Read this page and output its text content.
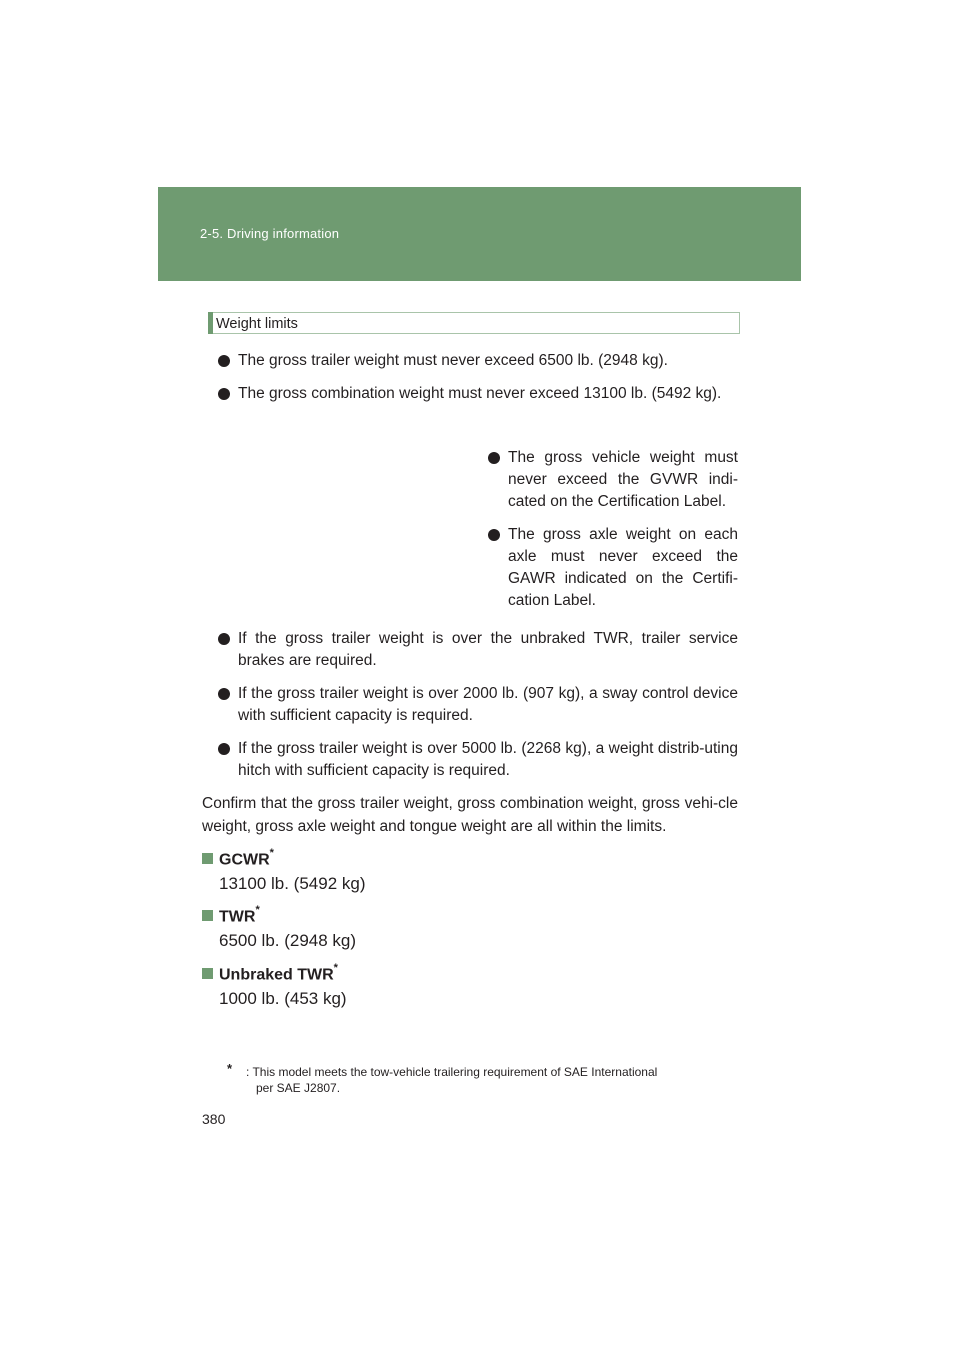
2-5. Driving information
Weight limits
The gross trailer weight must never exceed 6500 lb. (2948 kg).
The gross combination weight must never exceed 13100 lb. (5492 kg).
The gross vehicle weight must never exceed the GVWR indi-cated on the Certification Label.
The gross axle weight on each axle must never exceed the GAWR indicated on the Certifi-cation Label.
If the gross trailer weight is over the unbraked TWR, trailer service brakes are required.
If the gross trailer weight is over 2000 lb. (907 kg), a sway control device with sufficient capacity is required.
If the gross trailer weight is over 5000 lb. (2268 kg), a weight distrib-uting hitch with sufficient capacity is required.
Confirm that the gross trailer weight, gross combination weight, gross vehi-cle weight, gross axle weight and tongue weight are all within the limits.
GCWR*
13100 lb. (5492 kg)
TWR*
6500 lb. (2948 kg)
Unbraked TWR*
1000 lb. (453 kg)
*	: This model meets the tow-vehicle trailering requirement of SAE International
per SAE J2807.
380
